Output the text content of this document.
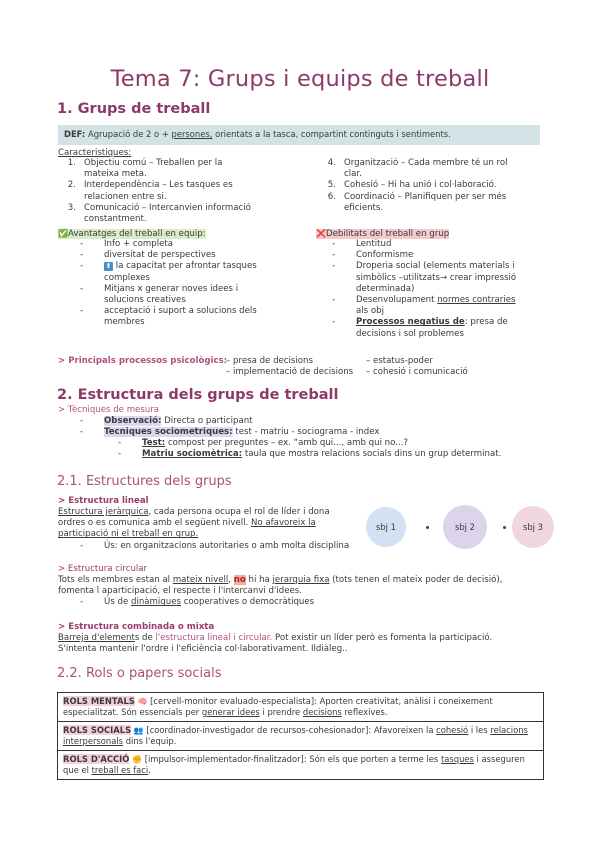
Tema 7: Grups i equips de treball
1. Grups de treball
DEF: Agrupació de 2 o + persones, orientats a la tasca, compartint continguts i sentiments.
Caracteristiques:
1. Objectiu comú – Treballen per la
mateixa meta.
2. Interdependència – Les tasques es
relacionen entre si.
3. Comunicació – Intercanvien informació
constantment.
4. Organització – Cada membre té un rol
clar.
5. Cohesió – Hi ha unió i col·laboració.
6. Coordinació – Planifiquen per ser més
eficients.
✅Avantatges del treball en equip:
- Info + completa
- diversitat de perspectives
-	⬆ la capacitat per afrontar tasques
complexes
- Mitjans x generar noves idees i
solucions creatives
- acceptació i suport a solucions dels
membres
❌Debilitats del treball en grup
- Lentitud
- Conformisme
- Droperia social (elements materials i
simbòlics –utilitzats→ crear impressió
determinada)
- Desenvolupament normes contraries
als obj
- Processos negatius de: presa de
decisions i sol problemes
> Principals processos psicològics:
– presa de decisions
– implementació de decisions
– estatus-poder
– cohesió i comunicació
2. Estructura dels grups de treball
> Tècniques de mesura
- Observació: Directa o participant
- Tecniques sociometriques: test - matriu - sociograma - index
- Test: compost per preguntes – ex. “amb qui..., amb qui no...?
- Matriu sociomètrica: taula que mostra relacions socials dins un grup determinat.
2.1. Estructures dels grups
> Estructura lineal
Estructura jeràrquica, cada persona ocupa el rol de líder i dona
ordres o es comunica amb el següent nivell. No afavoreix la
participació ni el treball en grup.
- Ús: en organitzacions autoritaries o amb molta disciplina
sbj 1	sbj 2	sbj 3
> Estructura circular
Tots els membres estan al mateix nivell, no hi ha jerarquia fixa (tots tenen el mateix poder de decisió),
fomenta l aparticipació, el respecte i l'intercanvi d'idees.
- Ús de dinàmiques cooperatives o democràtiques
> Estructura combinada o mixta
Barreja d'elements de l'estructura lineal i circular. Pot existir un líder però es fomenta la participació.
S'intenta mantenir l'ordre i l'eficiència col·laborativament. Ildiàleg..
2.2. Rols o papers socials
ROLS MENTALS 🧠 [cervell-monitor evaluado-especialista]: Aporten creativitat, anàlisi i coneixement especialitzat. Són essencials per generar idees i prendre decisions reflexives.
ROLS SOCIALS 👥 [coordinador-investigador de recursos-cohesionador]: Afavoreixen la cohesió i les relacions interpersonals dins l'equip.
ROLS D'ACCIÓ ✊ [impulsor-implementador-finalitzador]: Són els que porten a terme les tasques i asseguren que el treball es faci.
